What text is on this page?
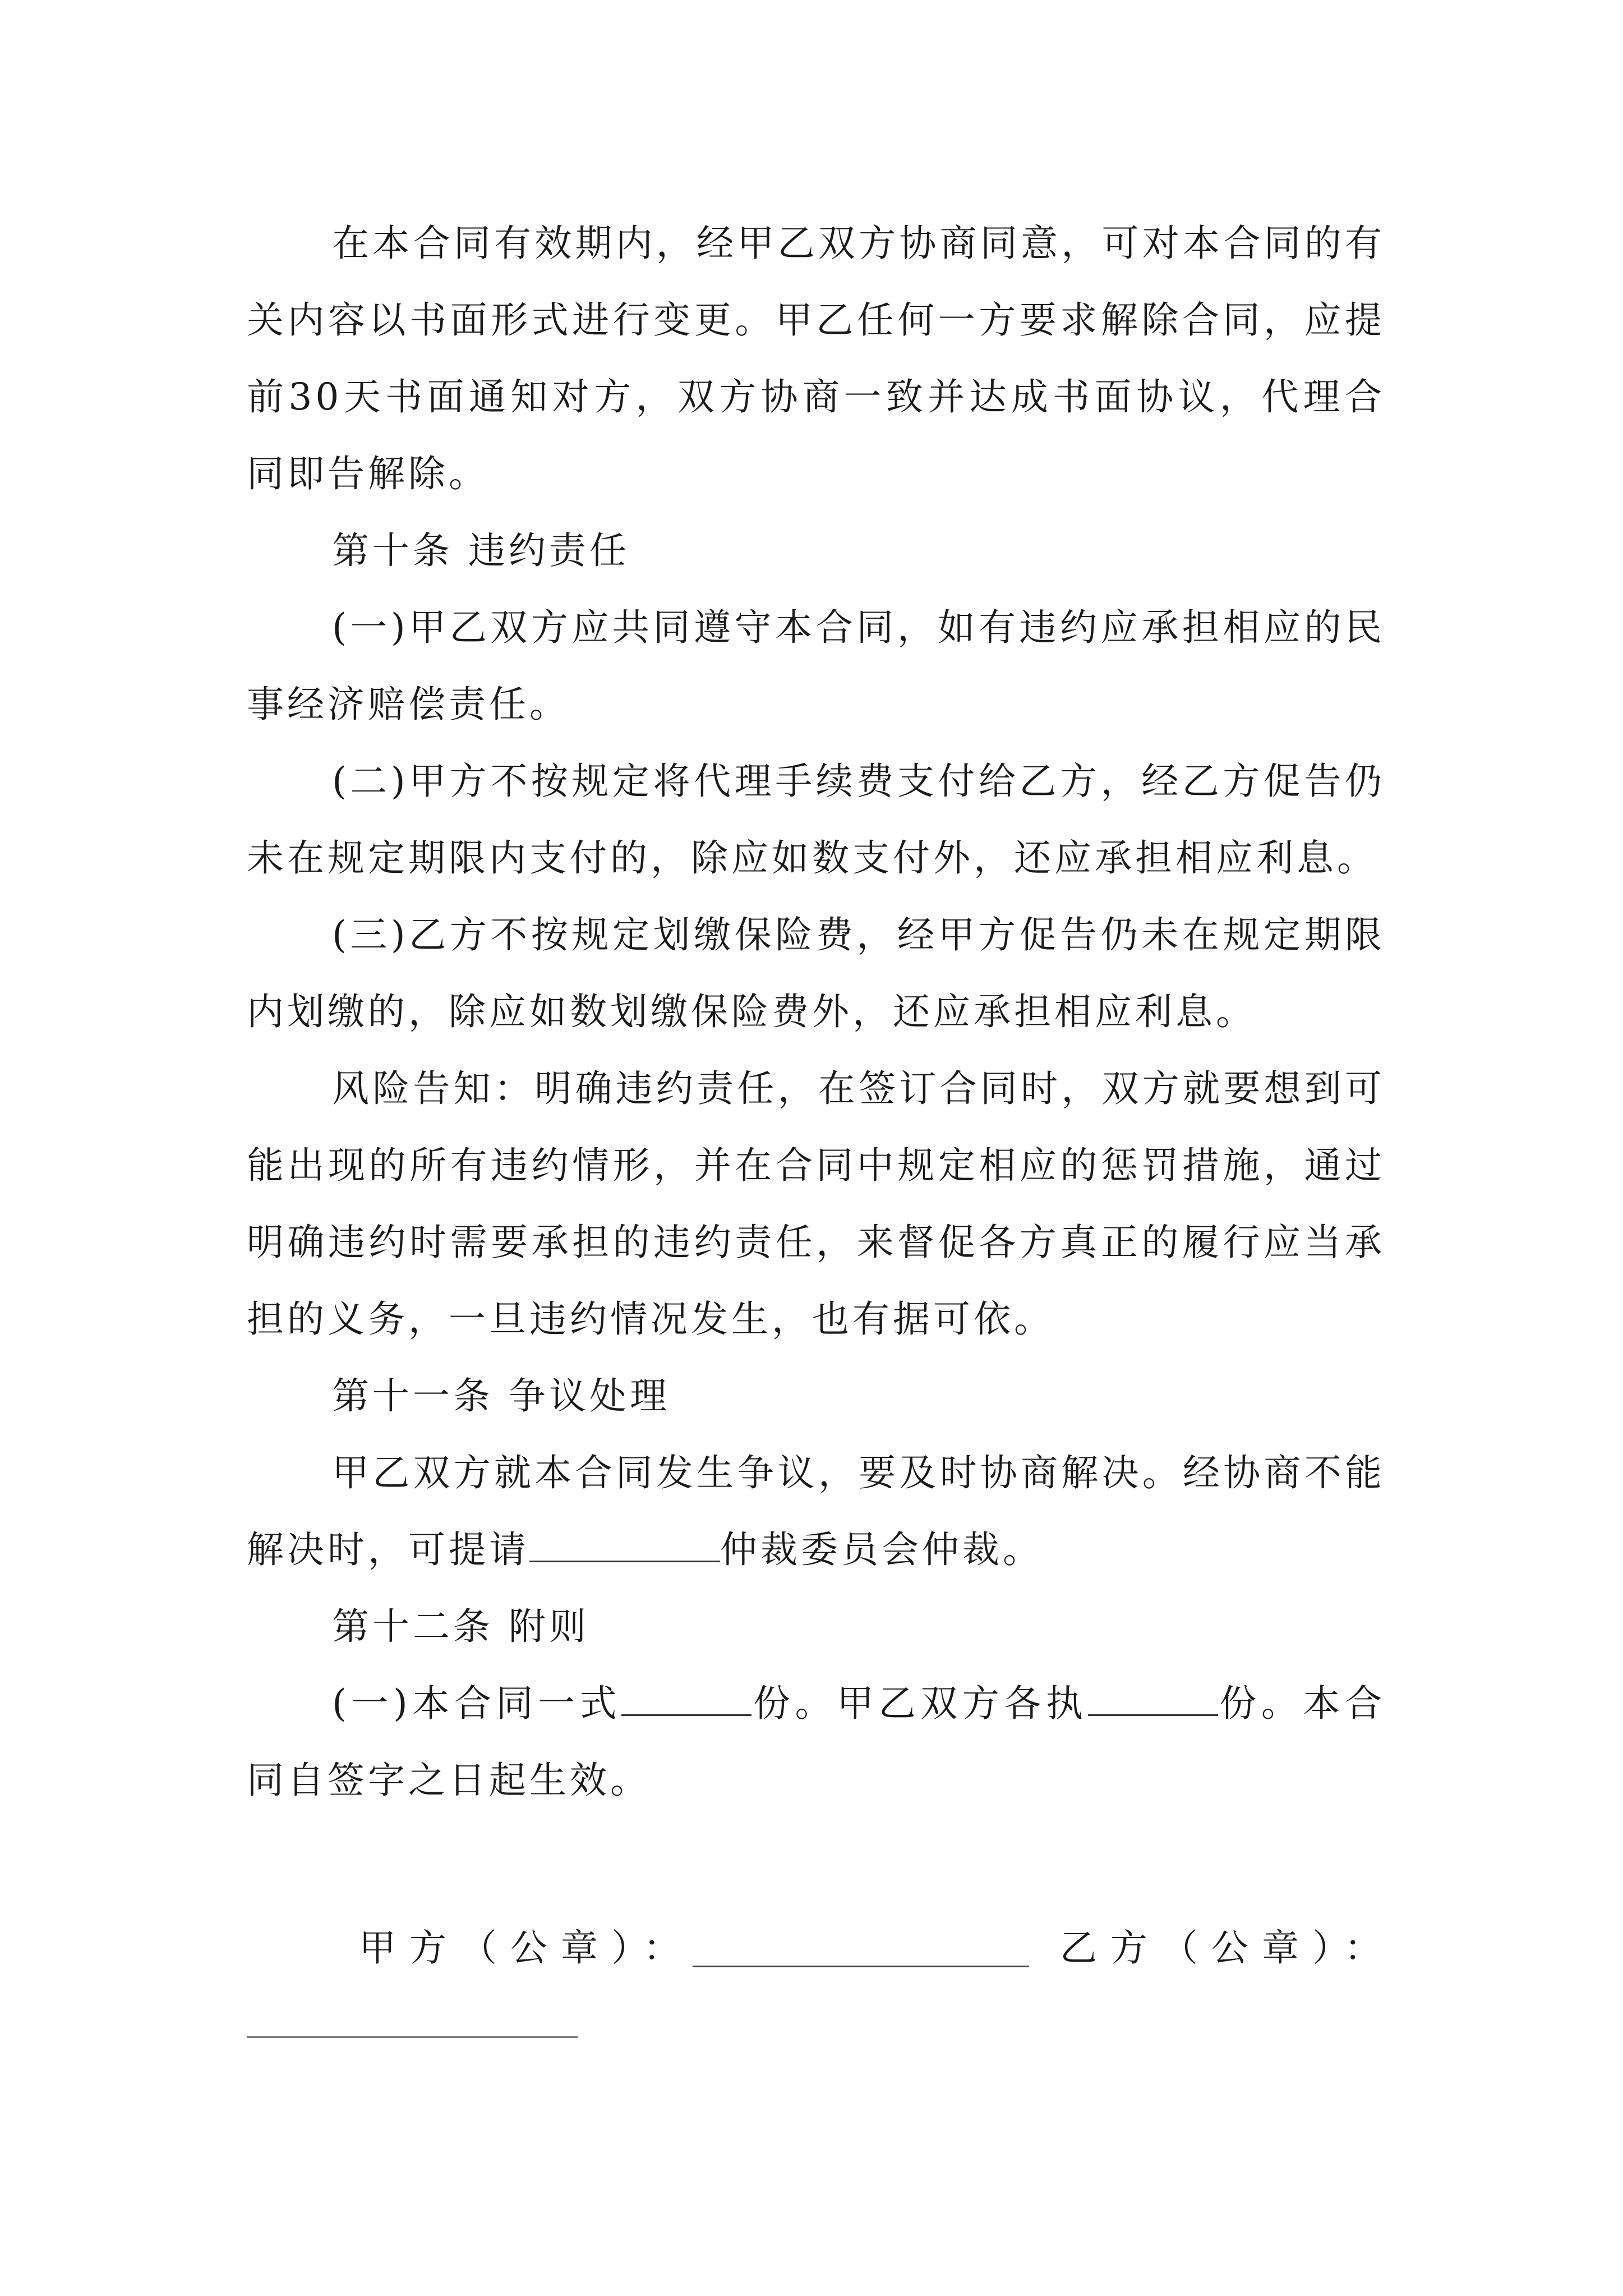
在本合同有效期内，经甲乙双方协商同意，可对本合同的有关内容以书面形式进行变更。甲乙任何一方要求解除合同，应提前30天书面通知对方，双方协商一致并达成书面协议，代理合同即告解除。

第十条 违约责任

(一)甲乙双方应共同遵守本合同，如有违约应承担相应的民事经济赔偿责任。

(二)甲方不按规定将代理手续费支付给乙方，经乙方促告仍未在规定期限内支付的，除应如数支付外，还应承担相应利息。

(三)乙方不按规定划缴保险费，经甲方促告仍未在规定期限内划缴的，除应如数划缴保险费外，还应承担相应利息。

风险告知：明确违约责任，在签订合同时，双方就要想到可能出现的所有违约情形，并在合同中规定相应的惩罚措施，通过明确违约时需要承担的违约责任，来督促各方真正的履行应当承担的义务，一旦违约情况发生，也有据可依。

第十一条 争议处理

甲乙双方就本合同发生争议，要及时协商解决。经协商不能解决时，可提请	仲裁委员会仲裁。

第十二条 附则

(一)本合同一式	份。甲乙双方各执	份。本合同自签字之日起生效。

甲方（公章）：	乙方（公章）：
